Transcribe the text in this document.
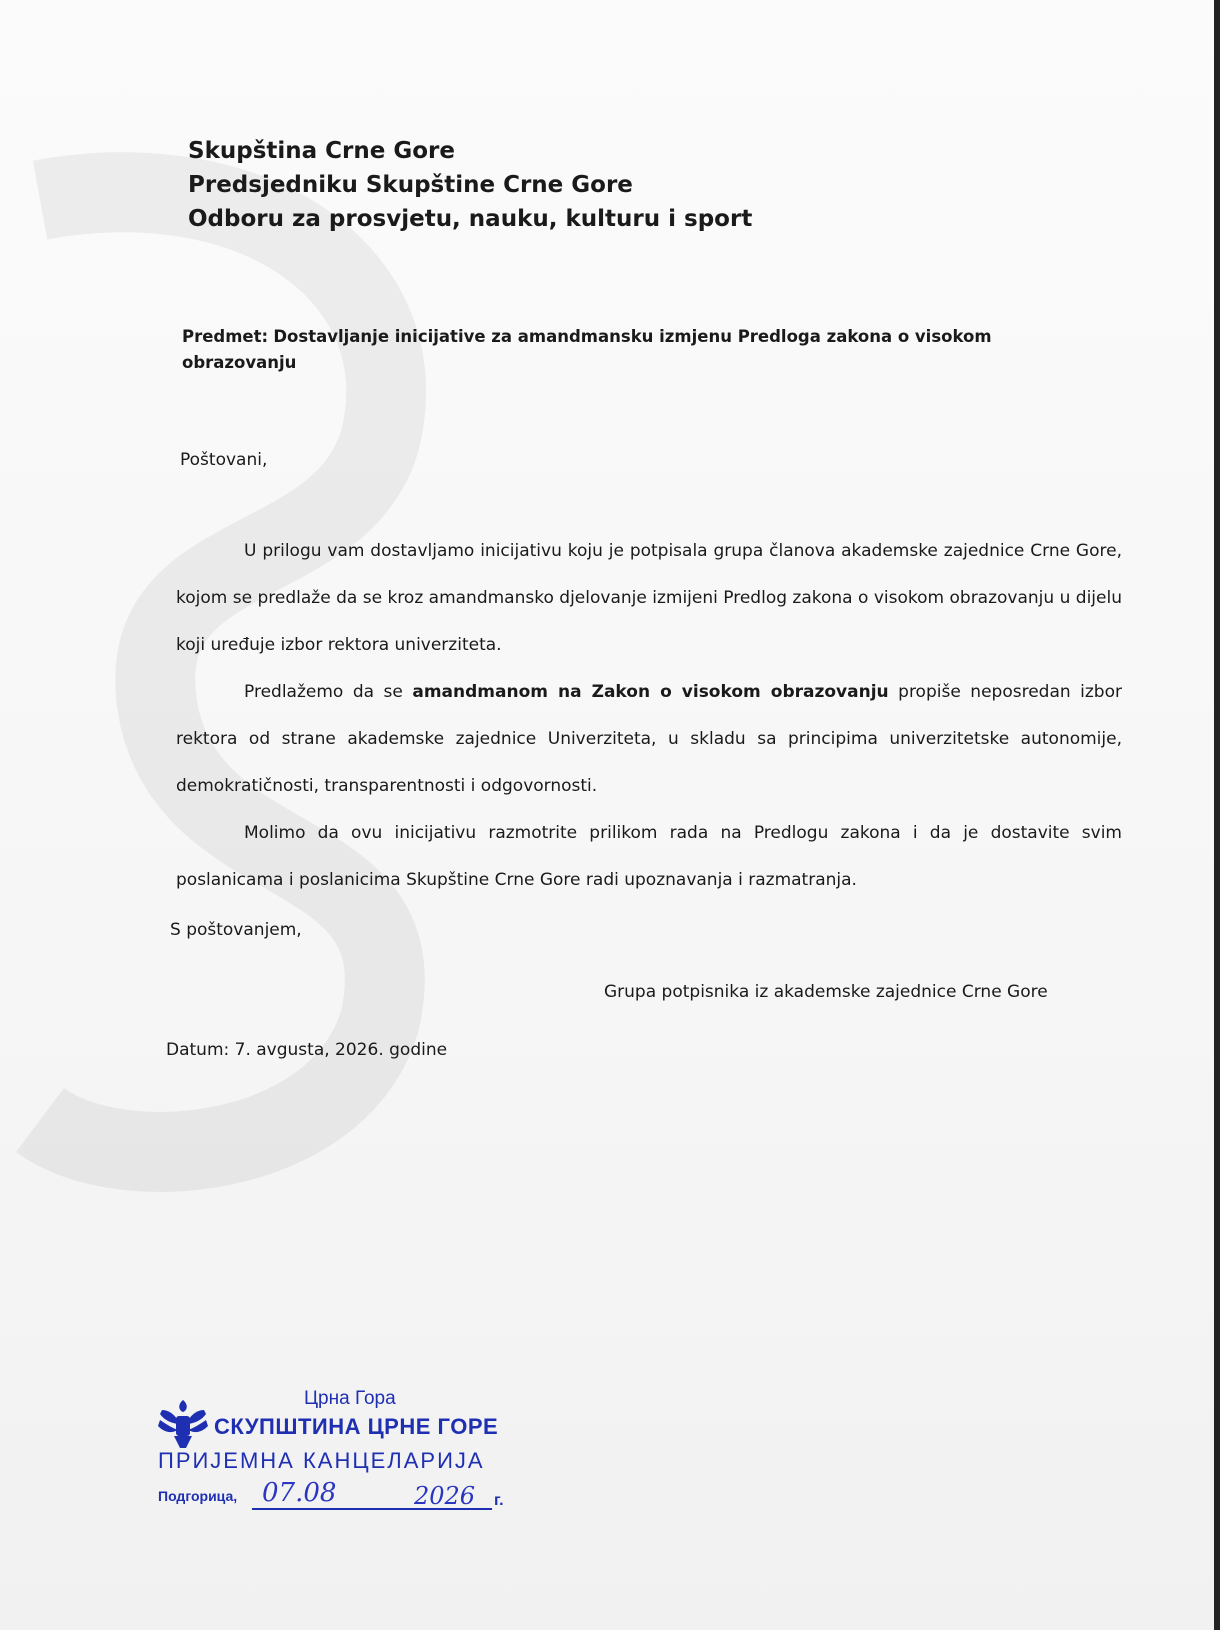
Skupština Crne Gore
Predsjedniku Skupštine Crne Gore
Odboru za prosvjetu, nauku, kulturu i sport
Predmet: Dostavljanje inicijative za amandmansku izmjenu Predloga zakona o visokom obrazovanju
Poštovani,

U prilogu vam dostavljamo inicijativu koju je potpisala grupa članova akademske zajednice Crne Gore, kojom se predlaže da se kroz amandmansko djelovanje izmijeni Predlog zakona o visokom obrazovanju u dijelu koji uređuje izbor rektora univerziteta.

Predlažemo da se amandmanom na Zakon o visokom obrazovanju propiše neposredan izbor rektora od strane akademske zajednice Univerziteta, u skladu sa principima univerzitetske autonomije, demokratičnosti, transparentnosti i odgovornosti.

Molimo da ovu inicijativu razmotrite prilikom rada na Predlogu zakona i da je dostavite svim poslanicama i poslanicima Skupštine Crne Gore radi upoznavanja i razmatranja.

S poštovanjem,
Grupa potpisnika iz akademske zajednice Crne Gore
Datum: 7. avgusta, 2026. godine
Црна Гора
СКУПШТИНА ЦРНЕ ГОРЕ
ПРИЈЕМНА КАНЦЕЛАРИЈА
Подгорица, 07.08	2026 г.
